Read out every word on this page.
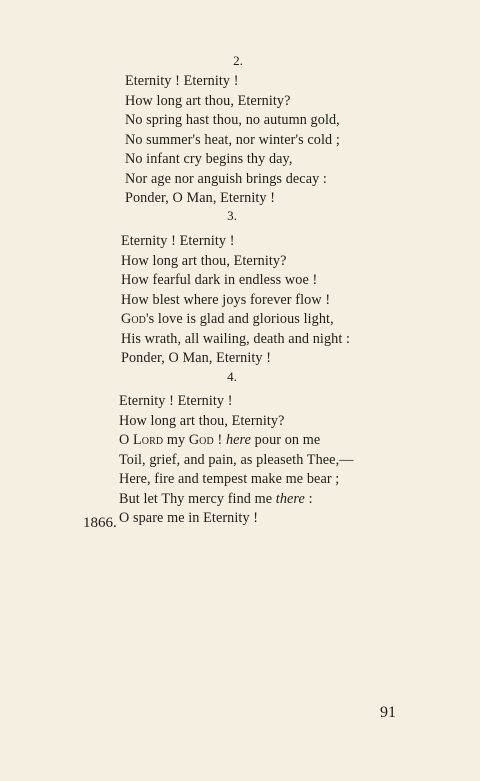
2.
Eternity ! Eternity !
How long art thou, Eternity?
No spring hast thou, no autumn gold,
No summer's heat, nor winter's cold ;
No infant cry begins thy day,
Nor age nor anguish brings decay :
Ponder, O Man, Eternity !
3.
Eternity ! Eternity !
How long art thou, Eternity?
How fearful dark in endless woe !
How blest where joys forever flow !
God's love is glad and glorious light,
His wrath, all wailing, death and night :
Ponder, O Man, Eternity !
4.
Eternity ! Eternity !
How long art thou, Eternity?
O Lord my God ! here pour on me
Toil, grief, and pain, as pleaseth Thee,—
Here, fire and tempest make me bear ;
But let Thy mercy find me there :
O spare me in Eternity !
1866.
91
